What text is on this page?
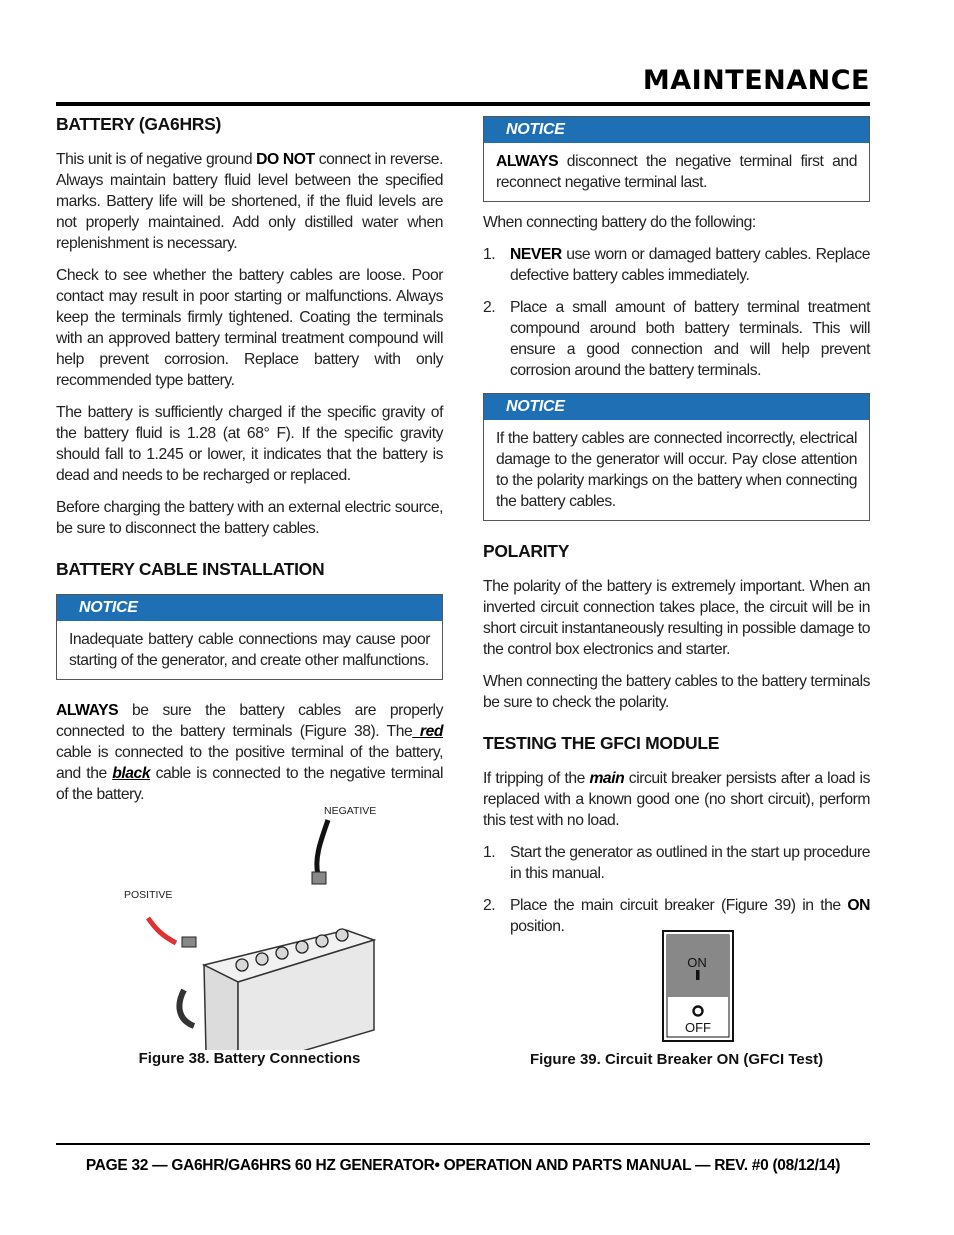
MAINTENANCE
BATTERY (GA6HRS)

This unit is of negative ground DO NOT connect in reverse. Always maintain battery fluid level between the specified marks. Battery life will be shortened, if the fluid levels are not properly maintained. Add only distilled water when replenishment is necessary.

Check to see whether the battery cables are loose. Poor contact may result in poor starting or malfunctions. Always keep the terminals firmly tightened. Coating the terminals with an approved battery terminal treatment compound will help prevent corrosion. Replace battery with only recommended type battery.

The battery is sufficiently charged if the specific gravity of the battery fluid is 1.28 (at 68° F). If the specific gravity should fall to 1.245 or lower, it indicates that the battery is dead and needs to be recharged or replaced.

Before charging the battery with an external electric source, be sure to disconnect the battery cables.

BATTERY CABLE INSTALLATION
NOTICE
Inadequate battery cable connections may cause poor starting of the generator, and create other malfunctions.

ALWAYS be sure the battery cables are properly connected to the battery terminals (Figure 38). The red cable is connected to the positive terminal of the battery, and the black cable is connected to the negative terminal of the battery.

NEGATIVE
POSITIVE
Figure 38. Battery Connections
NOTICE
ALWAYS disconnect the negative terminal first and reconnect negative terminal last.

When connecting battery do the following:

1. NEVER use worn or damaged battery cables. Replace defective battery cables immediately.
2. Place a small amount of battery terminal treatment compound around both battery terminals. This will ensure a good connection and will help prevent corrosion around the battery terminals.
NOTICE
If the battery cables are connected incorrectly, electrical damage to the generator will occur. Pay close attention to the polarity markings on the battery when connecting the battery cables.
POLARITY

The polarity of the battery is extremely important. When an inverted circuit connection takes place, the circuit will be in short circuit instantaneously resulting in possible damage to the control box electronics and starter.

When connecting the battery cables to the battery terminals be sure to check the polarity.

TESTING THE GFCI MODULE

If tripping of the main circuit breaker persists after a load is replaced with a known good one (no short circuit), perform this test with no load.

1. Start the generator as outlined in the start up procedure in this manual.
2. Place the main circuit breaker (Figure 39) in the ON position.
ON
OFF
Figure 39. Circuit Breaker ON (GFCI Test)
PAGE 32 — GA6HR/GA6HRS 60 HZ GENERATOR• OPERATION AND PARTS MANUAL — REV. #0 (08/12/14)
